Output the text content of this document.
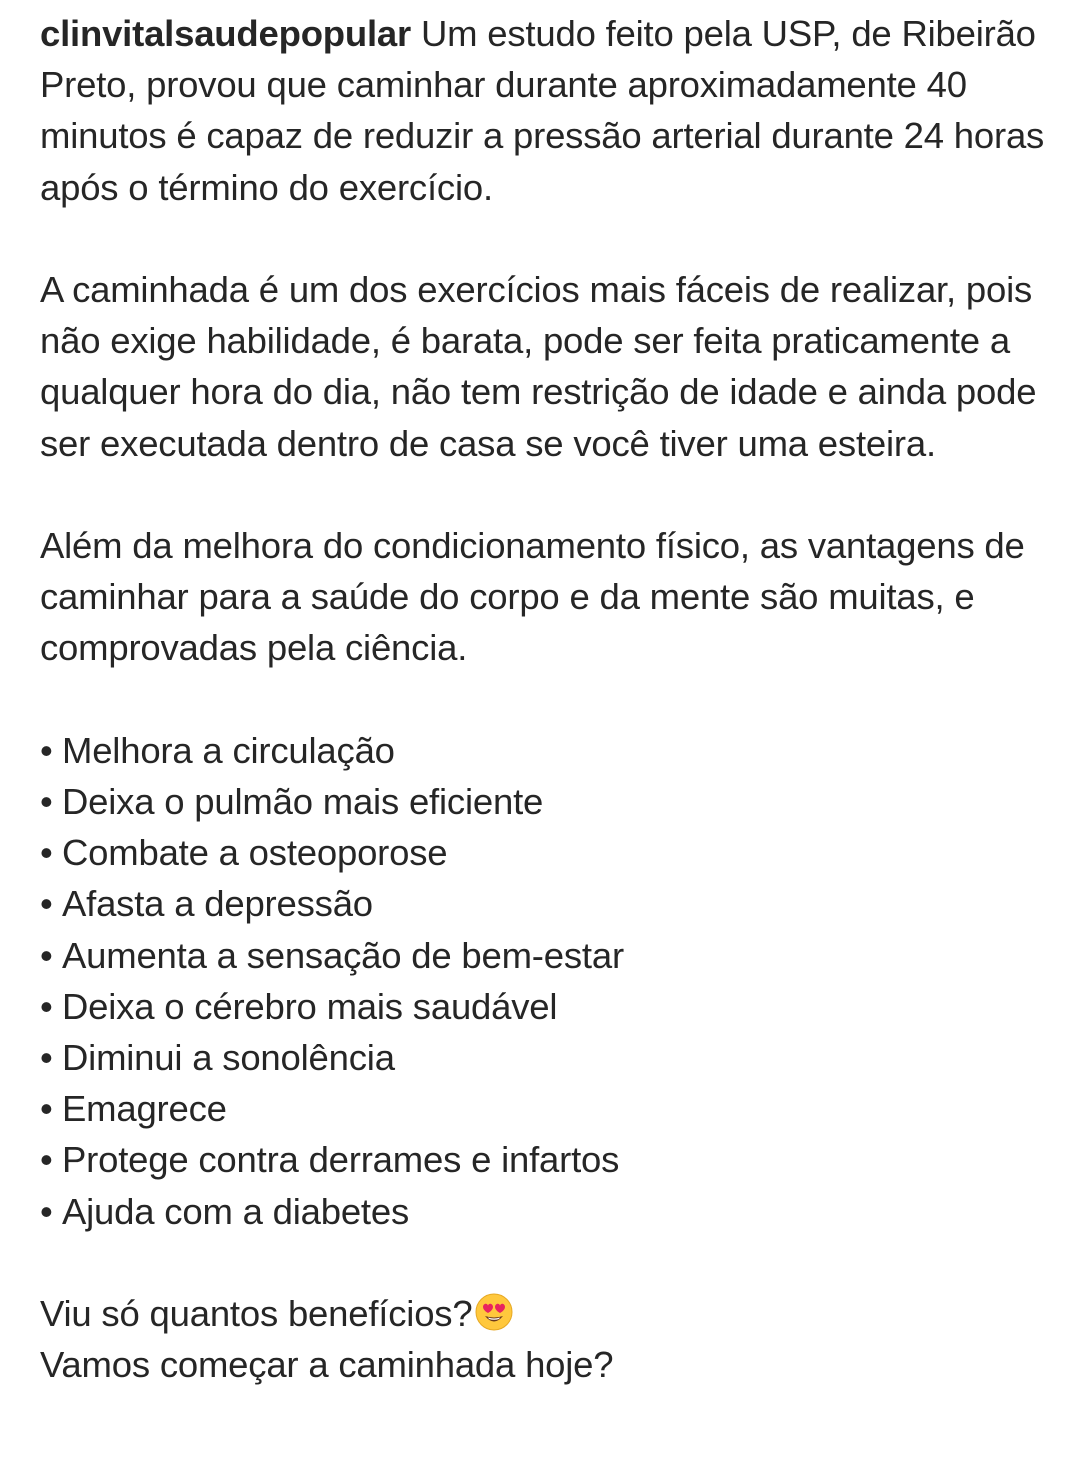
clinvitalsaudepopular Um estudo feito pela USP, de Ribeirão Preto, provou que caminhar durante aproximadamente 40 minutos é capaz de reduzir a pressão arterial durante 24 horas após o término do exercício.

A caminhada é um dos exercícios mais fáceis de realizar, pois não exige habilidade, é barata, pode ser feita praticamente a qualquer hora do dia, não tem restrição de idade e ainda pode ser executada dentro de casa se você tiver uma esteira.

Além da melhora do condicionamento físico, as vantagens de caminhar para a saúde do corpo e da mente são muitas, e comprovadas pela ciência.

• Melhora a circulação
• Deixa o pulmão mais eficiente
• Combate a osteoporose
• Afasta a depressão
• Aumenta a sensação de bem-estar
• Deixa o cérebro mais saudável
• Diminui a sonolência
• Emagrece
• Protege contra derrames e infartos
• Ajuda com a diabetes

Viu só quantos benefícios?
Vamos começar a caminhada hoje?
